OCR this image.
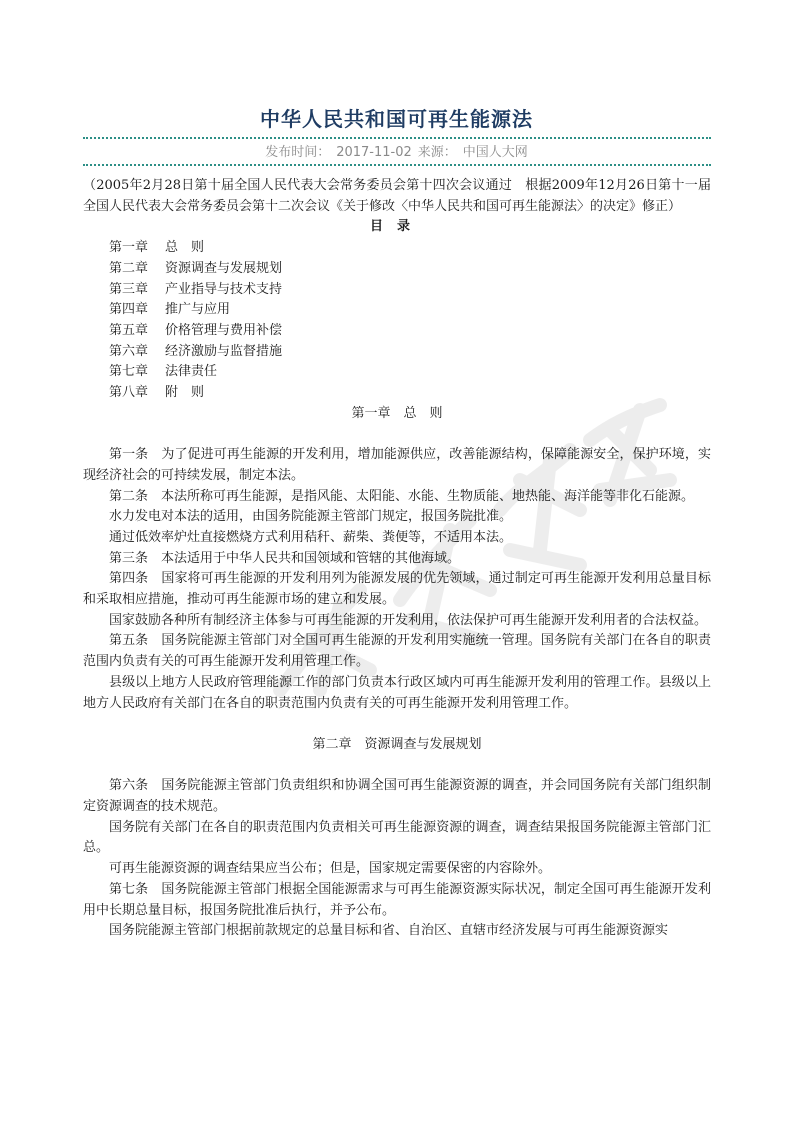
中华人民共和国可再生能源法
发布时间： 2017-11-02 来源： 中国人大网

（2005年2月28日第十届全国人民代表大会常务委员会第十四次会议通过　根据2009年12月26日第十一届全国人民代表大会常务委员会第十二次会议《关于修改〈中华人民共和国可再生能源法〉的决定》修正）

目录

第一章 总　则

第二章 资源调查与发展规划

第三章 产业指导与技术支持

第四章 推广与应用

第五章 价格管理与费用补偿

第六章 经济激励与监督措施

第七章 法律责任

第八章 附　则

第一章　总　则

第一条　为了促进可再生能源的开发利用，增加能源供应，改善能源结构，保障能源安全，保护环境，实现经济社会的可持续发展，制定本法。

第二条　本法所称可再生能源，是指风能、太阳能、水能、生物质能、地热能、海洋能等非化石能源。

水力发电对本法的适用，由国务院能源主管部门规定，报国务院批准。

通过低效率炉灶直接燃烧方式利用秸秆、薪柴、粪便等，不适用本法。

第三条　本法适用于中华人民共和国领域和管辖的其他海域。

第四条　国家将可再生能源的开发利用列为能源发展的优先领域，通过制定可再生能源开发利用总量目标和采取相应措施，推动可再生能源市场的建立和发展。

国家鼓励各种所有制经济主体参与可再生能源的开发利用，依法保护可再生能源开发利用者的合法权益。

第五条　国务院能源主管部门对全国可再生能源的开发利用实施统一管理。国务院有关部门在各自的职责范围内负责有关的可再生能源开发利用管理工作。

县级以上地方人民政府管理能源工作的部门负责本行政区域内可再生能源开发利用的管理工作。县级以上地方人民政府有关部门在各自的职责范围内负责有关的可再生能源开发利用管理工作。

第二章　资源调查与发展规划

第六条　国务院能源主管部门负责组织和协调全国可再生能源资源的调查，并会同国务院有关部门组织制定资源调查的技术规范。

国务院有关部门在各自的职责范围内负责相关可再生能源资源的调查，调查结果报国务院能源主管部门汇总。

可再生能源资源的调查结果应当公布；但是，国家规定需要保密的内容除外。

第七条　国务院能源主管部门根据全国能源需求与可再生能源资源实际状况，制定全国可再生能源开发利用中长期总量目标，报国务院批准后执行，并予公布。

国务院能源主管部门根据前款规定的总量目标和省、自治区、直辖市经济发展与可再生能源资源实
